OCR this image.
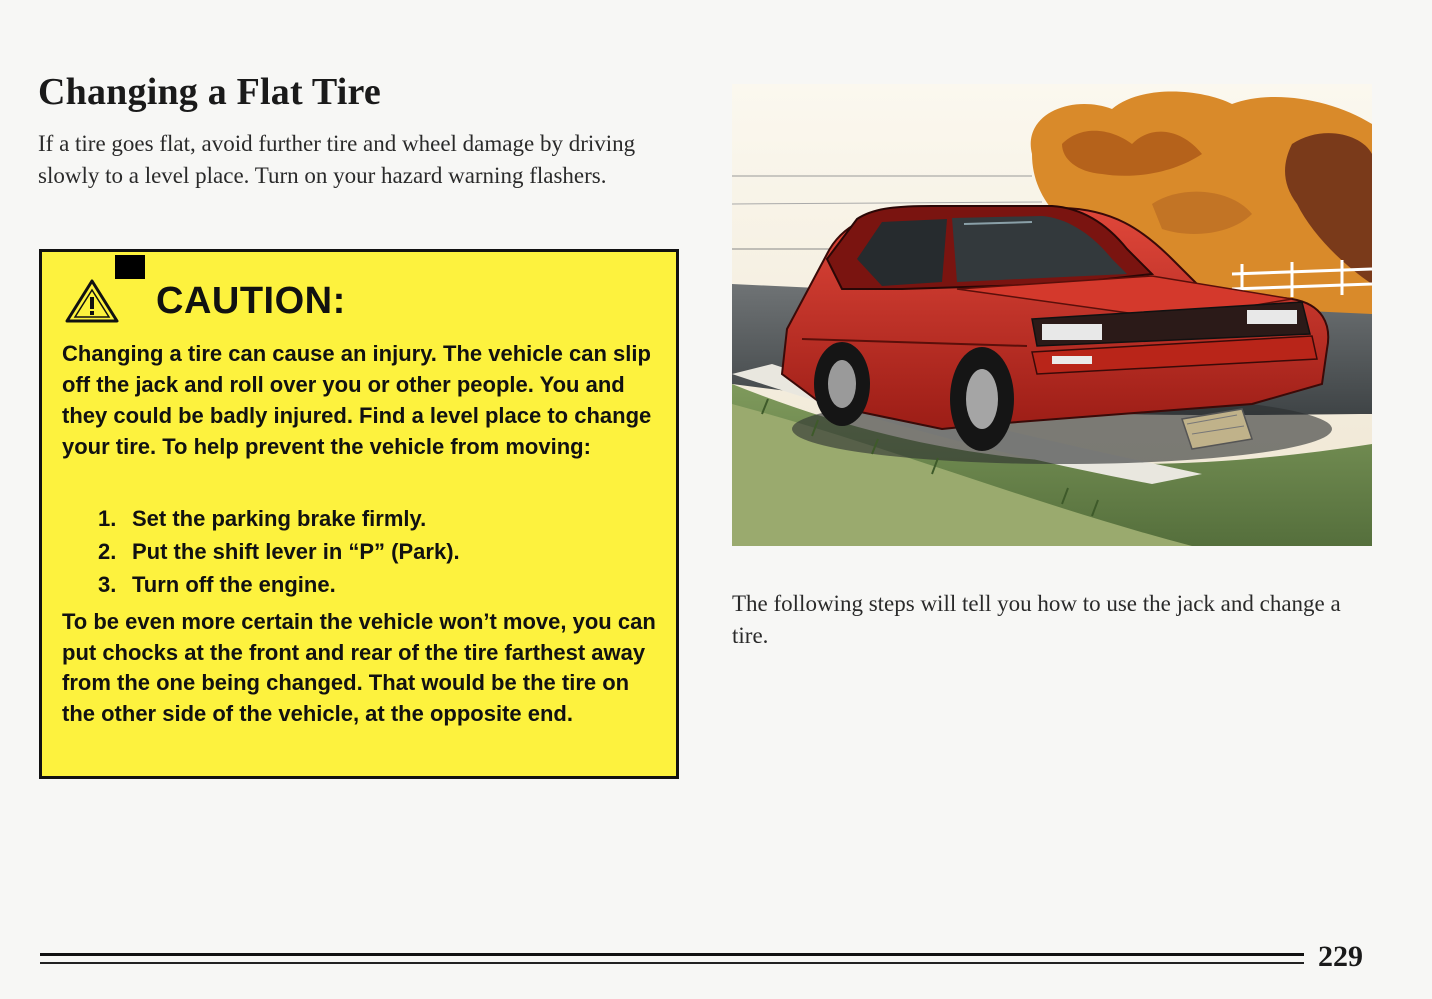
Changing a Flat Tire

If a tire goes flat, avoid further tire and wheel damage by driving slowly to a level place. Turn on your hazard warning flashers.

CAUTION:

Changing a tire can cause an injury. The vehicle can slip off the jack and roll over you or other people. You and they could be badly injured. Find a level place to change your tire. To help prevent the vehicle from moving:

1. Set the parking brake firmly.
2. Put the shift lever in “P” (Park).
3. Turn off the engine.

To be even more certain the vehicle won’t move, you can put chocks at the front and rear of the tire farthest away from the one being changed. That would be the tire on the other side of the vehicle, at the opposite end.

The following steps will tell you how to use the jack and change a tire.

229
